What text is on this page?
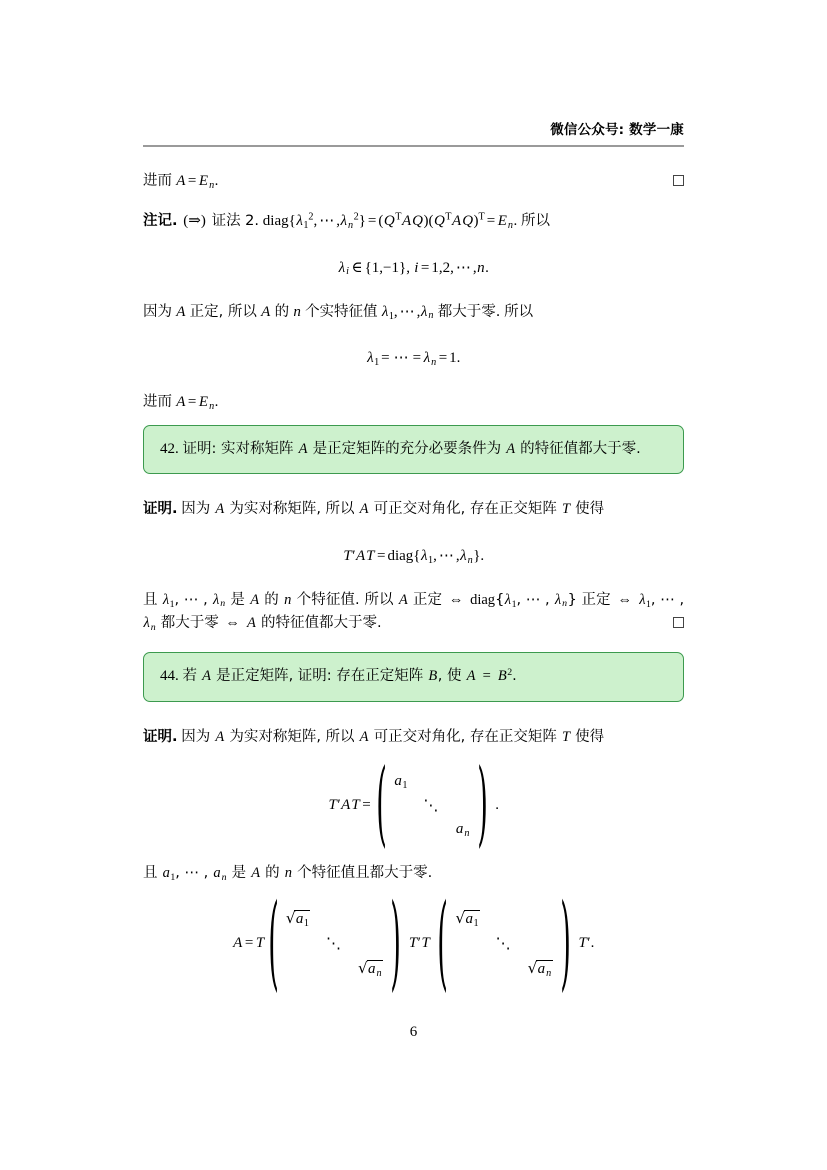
微信公众号: 数学一康
进而 $A = E_n$.
注记. (⇒) 证法 2. $diag\{\lambda_1^2$, ⋯ $,\lambda_n^2\} = (Q^TAQ)(Q^TAQ)^T = E_n$. 所以
$\lambda_i$ ∈ {1,−1}, i = 1,2, ⋯ ,n.
因为 A 正定, 所以 A 的 n 个实特征值 $\lambda_1$, ⋯ $,\lambda_n$ 都大于零. 所以
$\lambda_1$ = ⋯ = $\lambda_n = 1$.
进而 $A = E_n$.
42. 证明: 实对称矩阵 A 是正定矩阵的充分必要条件为 A 的特征值都大于零.
证明. 因为 A 为实对称矩阵, 所以 A 可正交对角化, 存在正交矩阵 T 使得
$T'AT = diag\{\lambda_1$, ⋯ $,\lambda_n$}.
且 $\lambda_1$, ⋯ , $\lambda_n$ 是 A 的 n 个特征值. 所以 A 正定 ⇔ $diag\{\lambda_1$, ⋯ , $\lambda_n$} 正定 ⇔ $\lambda_1$, ⋯ , $\lambda_n$ 都大于零 ⇔ A 的特征值都大于零.
44. 若 A 是正定矩阵, 证明: 存在正定矩阵 B, 使 $A = B^2$.
证明. 因为 A 为实对称矩阵, 所以 A 可正交对角化, 存在正交矩阵 T 使得
T ′ A T = ( $a_1$
⋱
$a_n$ ) .
且 $a_1$, ⋯ , $a_n$ 是 A 的 n 个特征值且都大于零.
A = T ( $√a_1$
⋱
$√a_n$ ) T′T ( $√a_1$
⋱
$√a_n$ ) T′.
6
